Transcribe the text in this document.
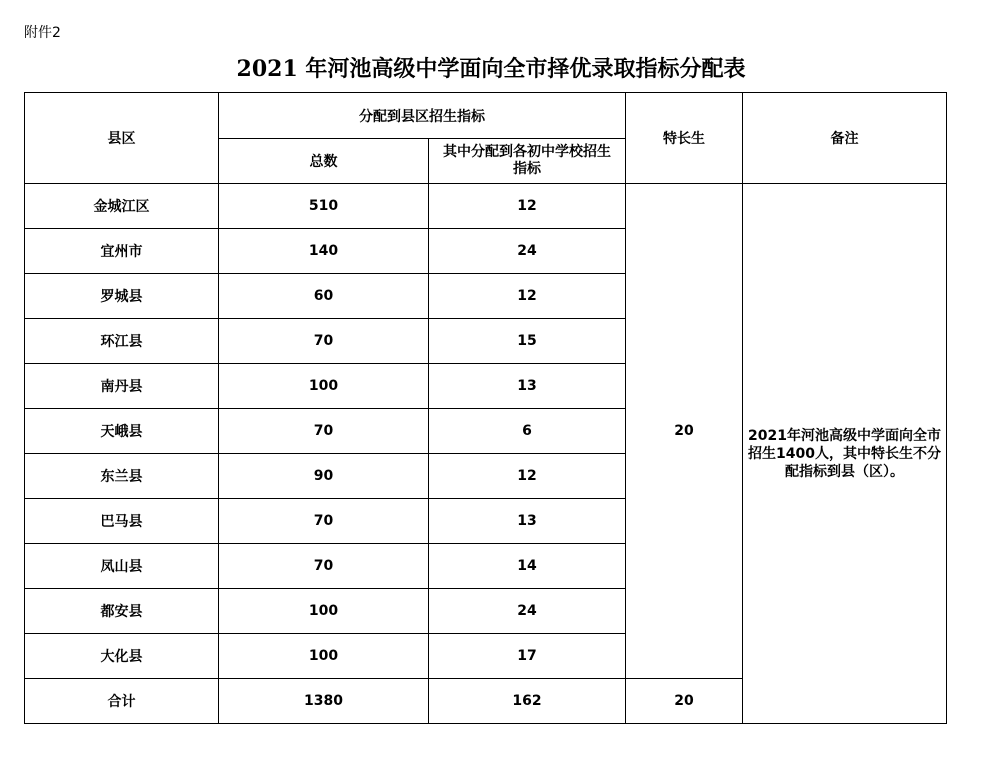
附件2
2021 年河池高级中学面向全市择优录取指标分配表
县区	分配到县区招生指标		特长生	备注
	总数	其中分配到各初中学校招生指标		

金城江区	510	12	20	2021年河池高级中学面向全市招生1400人，其中特长生不分配指标到县（区）。
宜州市	140	24		
罗城县	60	12		
环江县	70	15		
南丹县	100	13		
天峨县	70	6		
东兰县	90	12		
巴马县	70	13		
凤山县	70	14		
都安县	100	24		
大化县	100	17		
合计	1380	162	20	
